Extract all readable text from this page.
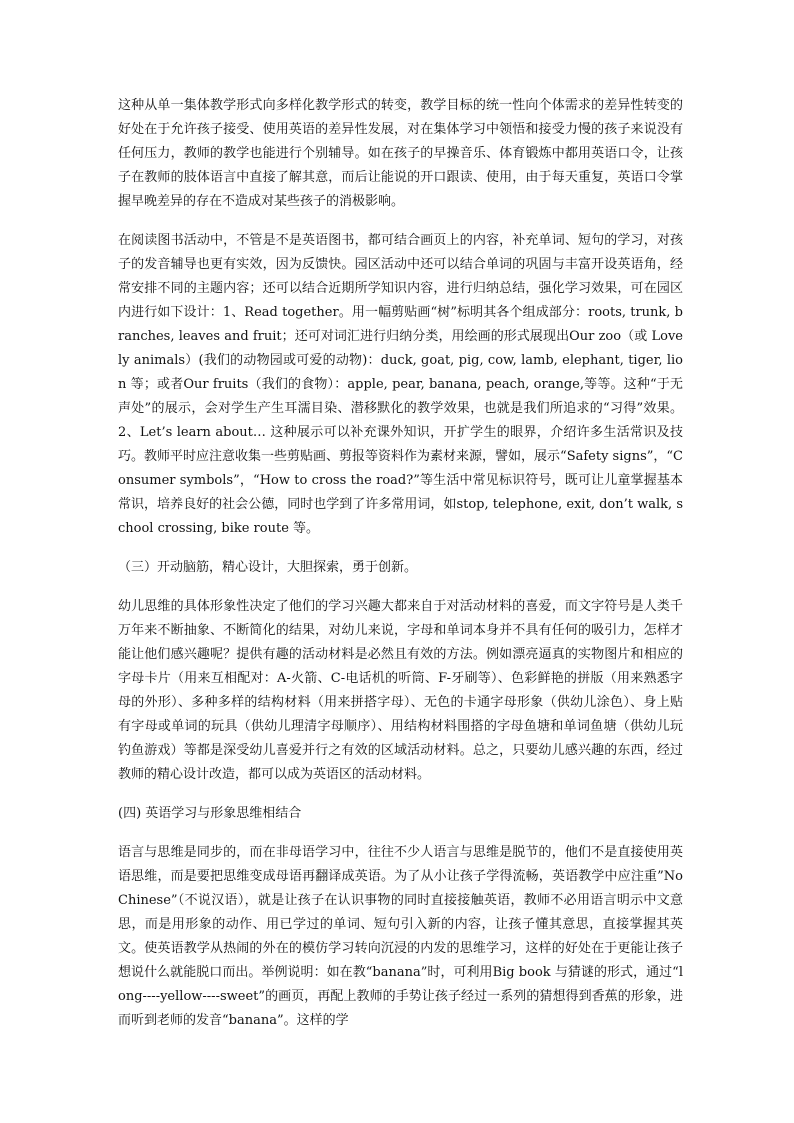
这种从单一集体教学形式向多样化教学形式的转变，教学目标的统一性向个体需求的差异性转变的好处在于允许孩子接受、使用英语的差异性发展，对在集体学习中领悟和接受力慢的孩子来说没有任何压力，教师的教学也能进行个别辅导。如在孩子的早操音乐、体育锻炼中都用英语口令，让孩子在教师的肢体语言中直接了解其意，而后让能说的开口跟读、使用，由于每天重复，英语口令掌握早晚差异的存在不造成对某些孩子的消极影响。

在阅读图书活动中，不管是不是英语图书，都可结合画页上的内容，补充单词、短句的学习，对孩子的发音辅导也更有实效，因为反馈快。园区活动中还可以结合单词的巩固与丰富开设英语角，经常安排不同的主题内容；还可以结合近期所学知识内容，进行归纳总结，强化学习效果，可在园区内进行如下设计：1、Read together。用一幅剪贴画“树”标明其各个组成部分：roots, trunk, branches, leaves and fruit；还可对词汇进行归纳分类，用绘画的形式展现出Our zoo（或 Lovely animals）(我们的动物园或可爱的动物)：duck, goat, pig, cow, lamb, elephant, tiger, lion 等；或者Our fruits（我们的食物）：apple, pear, banana, peach, orange,等等。这种“于无声处”的展示，会对学生产生耳濡目染、潜移默化的教学效果，也就是我们所追求的“习得”效果。2、Let’s learn about… 这种展示可以补充课外知识，开扩学生的眼界，介绍许多生活常识及技巧。教师平时应注意收集一些剪贴画、剪报等资料作为素材来源，譬如，展示“Safety signs”，“Consumer symbols”，“How to cross the road?”等生活中常见标识符号，既可让儿童掌握基本常识，培养良好的社会公德，同时也学到了许多常用词，如stop, telephone, exit, don’t walk, school crossing, bike route 等。

（三）开动脑筋，精心设计，大胆探索，勇于创新。

幼儿思维的具体形象性决定了他们的学习兴趣大都来自于对活动材料的喜爱，而文字符号是人类千万年来不断抽象、不断简化的结果，对幼儿来说，字母和单词本身并不具有任何的吸引力，怎样才能让他们感兴趣呢？提供有趣的活动材料是必然且有效的方法。例如漂亮逼真的实物图片和相应的字母卡片（用来互相配对：A-火箭、C-电话机的听筒、F-牙刷等）、色彩鲜艳的拼版（用来熟悉字母的外形）、多种多样的结构材料（用来拼搭字母）、无色的卡通字母形象（供幼儿涂色）、身上贴有字母或单词的玩具（供幼儿理清字母顺序）、用结构材料围搭的字母鱼塘和单词鱼塘（供幼儿玩钓鱼游戏）等都是深受幼儿喜爱并行之有效的区域活动材料。总之，只要幼儿感兴趣的东西，经过教师的精心设计改造，都可以成为英语区的活动材料。

(四) 英语学习与形象思维相结合

语言与思维是同步的，而在非母语学习中，往往不少人语言与思维是脱节的，他们不是直接使用英语思维，而是要把思维变成母语再翻译成英语。为了从小让孩子学得流畅，英语教学中应注重”No Chinese”（不说汉语），就是让孩子在认识事物的同时直接接触英语，教师不必用语言明示中文意思，而是用形象的动作、用已学过的单词、短句引入新的内容，让孩子懂其意思，直接掌握其英文。使英语教学从热闹的外在的模仿学习转向沉浸的内发的思维学习，这样的好处在于更能让孩子想说什么就能脱口而出。举例说明：如在教“banana”时，可利用Big book 与猜谜的形式，通过“long----yellow----sweet”的画页，再配上教师的手势让孩子经过一系列的猜想得到香蕉的形象，进而听到老师的发音“banana”。这样的学
